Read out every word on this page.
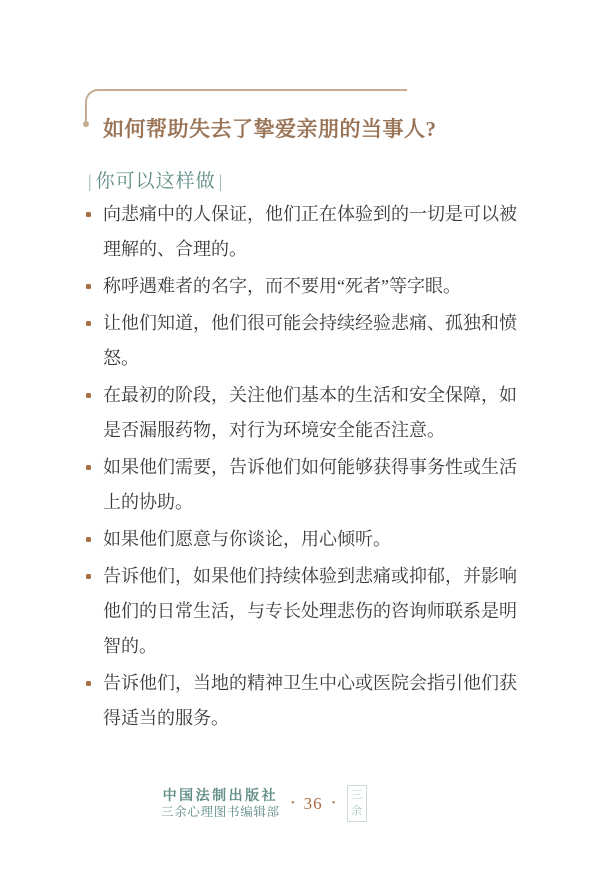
如何帮助失去了挚爱亲朋的当事人?
| 你可以这样做 |
向悲痛中的人保证，他们正在体验到的一切是可以被理解的、合理的。
称呼遇难者的名字，而不要用“死者”等字眼。
让他们知道，他们很可能会持续经验悲痛、孤独和愤怒。
在最初的阶段，关注他们基本的生活和安全保障，如是否漏服药物，对行为环境安全能否注意。
如果他们需要，告诉他们如何能够获得事务性或生活上的协助。
如果他们愿意与你谈论，用心倾听。
告诉他们，如果他们持续体验到悲痛或抑郁，并影响他们的日常生活，与专长处理悲伤的咨询师联系是明智的。
告诉他们，当地的精神卫生中心或医院会指引他们获得适当的服务。
中国法制出版社
三余心理图书编辑部
• 36 •
三
余
